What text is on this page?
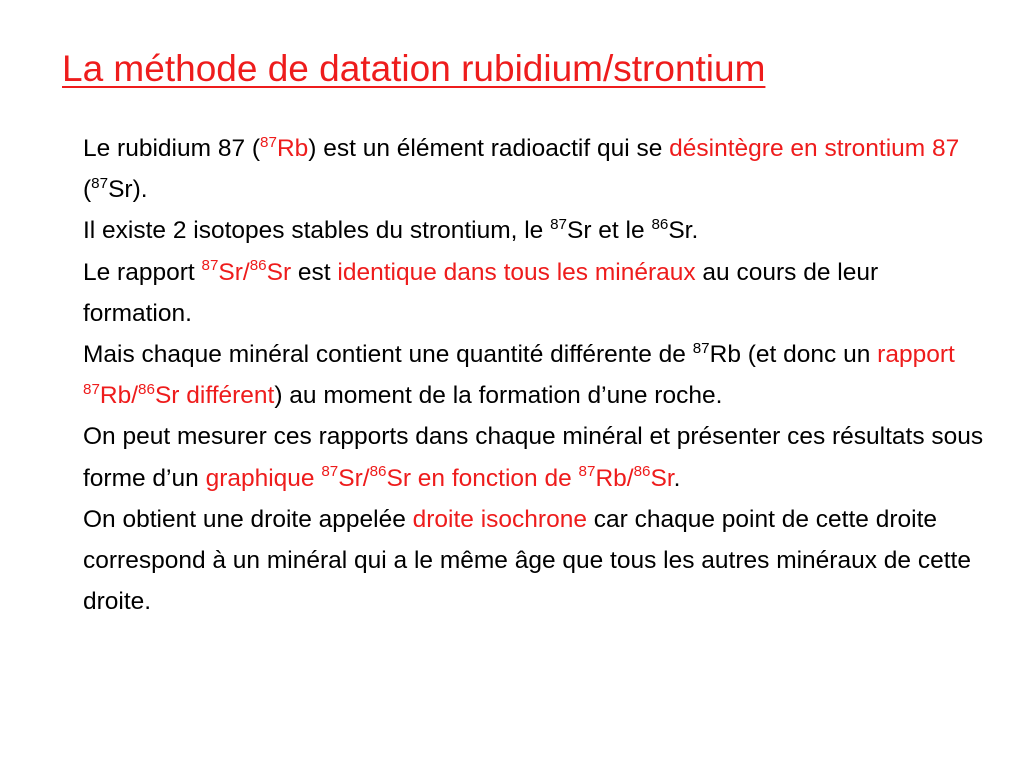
La méthode de datation rubidium/strontium

Le rubidium 87 ($^{87}$Rb) est un élément radioactif qui se désintègre en strontium 87 ($^{87}$Sr).

Il existe 2 isotopes stables du strontium, le $^{87}$Sr et le $^{86}$Sr.

Le rapport $^{87}$Sr/$^{86}$Sr est identique dans tous les minéraux au cours de leur formation.

Mais chaque minéral contient une quantité différente de $^{87}$Rb (et donc un rapport $^{87}$Rb/$^{86}$Sr différent) au moment de la formation d’une roche.

On peut mesurer ces rapports dans chaque minéral et présenter ces résultats sous forme d’un graphique $^{87}$Sr/$^{86}$Sr en fonction de $^{87}$Rb/$^{86}$Sr.

On obtient une droite appelée droite isochrone car chaque point de cette droite correspond à un minéral qui a le même âge que tous les autres minéraux de cette droite.
